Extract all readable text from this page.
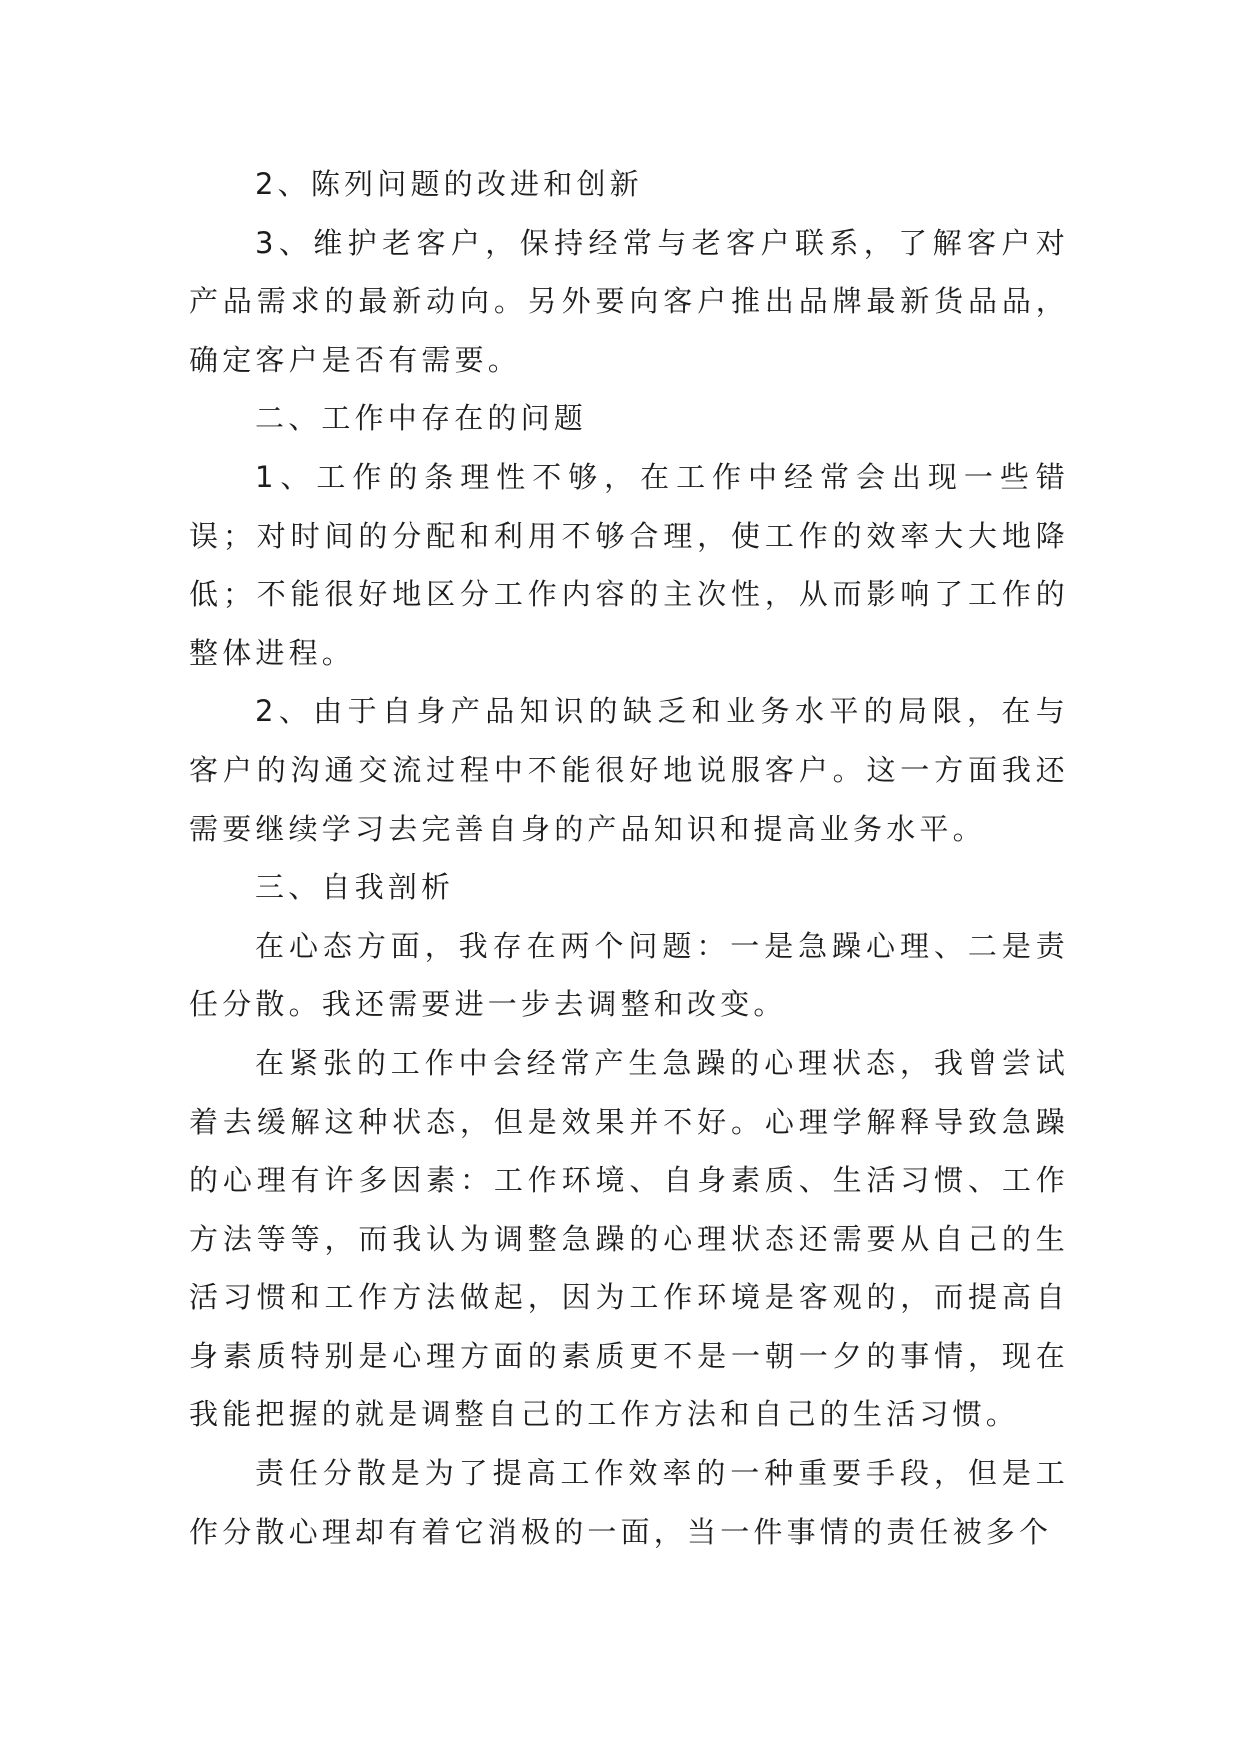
2、陈列问题的改进和创新

3、维护老客户，保持经常与老客户联系，了解客户对产品需求的最新动向。另外要向客户推出品牌最新货品品，确定客户是否有需要。

二、工作中存在的问题

1、工作的条理性不够，在工作中经常会出现一些错误；对时间的分配和利用不够合理，使工作的效率大大地降低；不能很好地区分工作内容的主次性，从而影响了工作的整体进程。

2、由于自身产品知识的缺乏和业务水平的局限，在与客户的沟通交流过程中不能很好地说服客户。这一方面我还需要继续学习去完善自身的产品知识和提高业务水平。

三、自我剖析

在心态方面，我存在两个问题：一是急躁心理、二是责任分散。我还需要进一步去调整和改变。

在紧张的工作中会经常产生急躁的心理状态，我曾尝试着去缓解这种状态，但是效果并不好。心理学解释导致急躁的心理有许多因素：工作环境、自身素质、生活习惯、工作方法等等，而我认为调整急躁的心理状态还需要从自己的生活习惯和工作方法做起，因为工作环境是客观的，而提高自身素质特别是心理方面的素质更不是一朝一夕的事情，现在我能把握的就是调整自己的工作方法和自己的生活习惯。

责任分散是为了提高工作效率的一种重要手段，但是工作分散心理却有着它消极的一面，当一件事情的责任被多个
